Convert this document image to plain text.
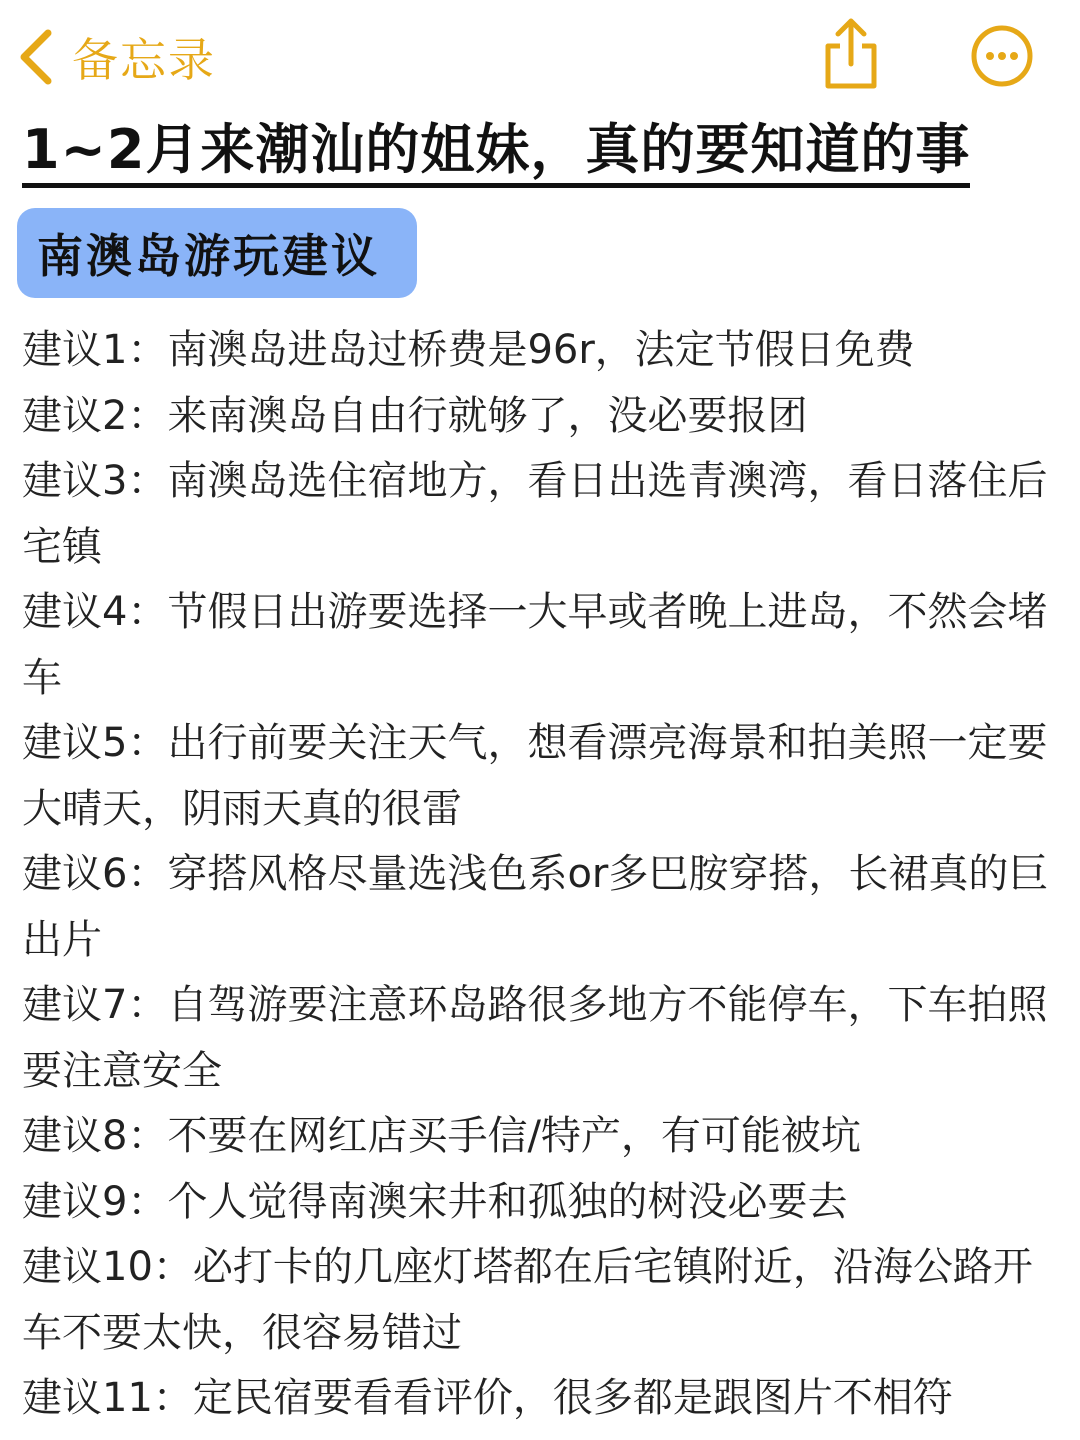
备忘录
1~2月来潮汕的姐妹，真的要知道的事
南澳岛游玩建议
建议1：南澳岛进岛过桥费是96r，法定节假日免费
建议2：来南澳岛自由行就够了，没必要报团
建议3：南澳岛选住宿地方，看日出选青澳湾，看日落住后宅镇
建议4：节假日出游要选择一大早或者晚上进岛，不然会堵车
建议5：出行前要关注天气，想看漂亮海景和拍美照一定要大晴天，阴雨天真的很雷
建议6：穿搭风格尽量选浅色系or多巴胺穿搭，长裙真的巨出片
建议7：自驾游要注意环岛路很多地方不能停车，下车拍照要注意安全
建议8：不要在网红店买手信/特产，有可能被坑
建议9：个人觉得南澳宋井和孤独的树没必要去
建议10：必打卡的几座灯塔都在后宅镇附近，沿海公路开车不要太快，很容易错过
建议11：定民宿要看看评价，很多都是跟图片不相符
